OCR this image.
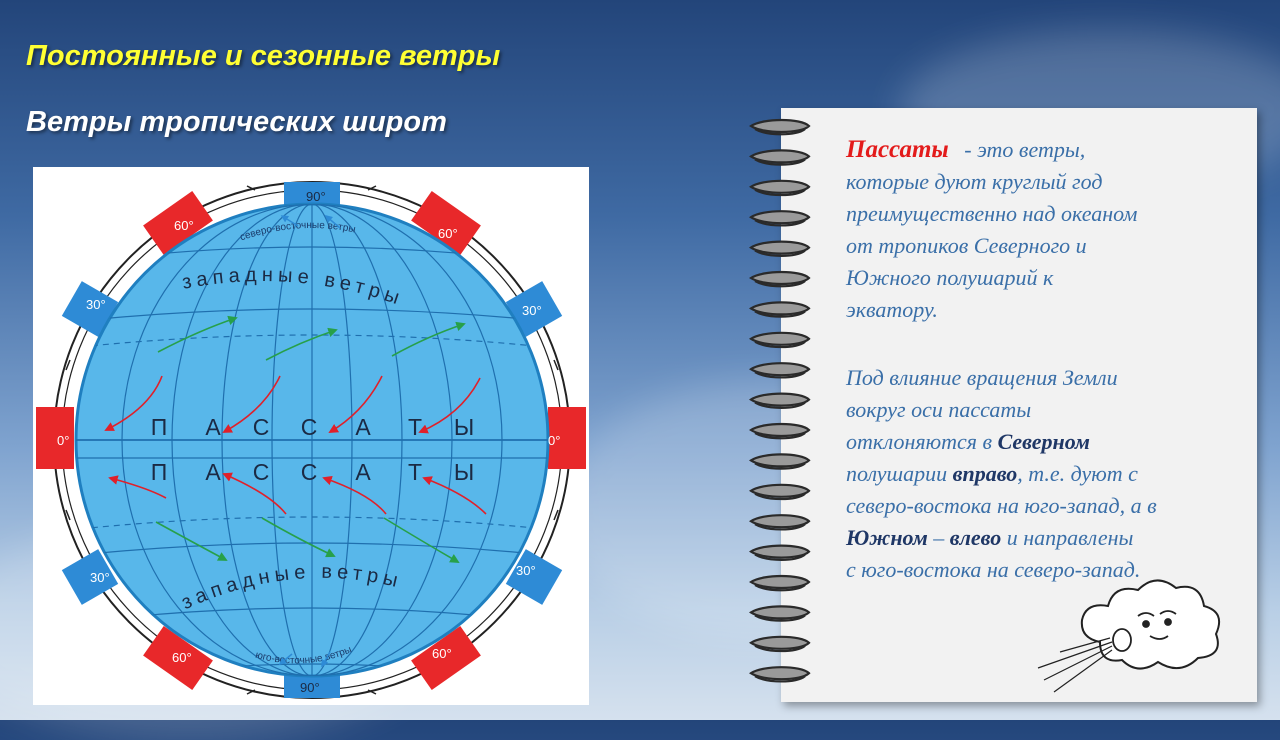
Постоянные и сезонные ветры
Ветры тропических широт
90°
90°
60°
60°
60°	60°
30°	30°
30°	30°
0°	0°
северо-восточные ветры
юго-восточные ветры
западные ветры
западные ветры
П А С С А Т Ы
П А С С А Т Ы
Пассаты - это ветры,
которые дуют круглый год
преимущественно над океаном
от тропиков Северного и
Южного полушарий к
экватору.
Под влияние вращения Земли
вокруг оси пассаты
отклоняются в Северном
полушарии вправо, т.е. дуют с
северо-востока на юго-запад, а в
Южном – влево и направлены
с юго-востока на северо-запад.
